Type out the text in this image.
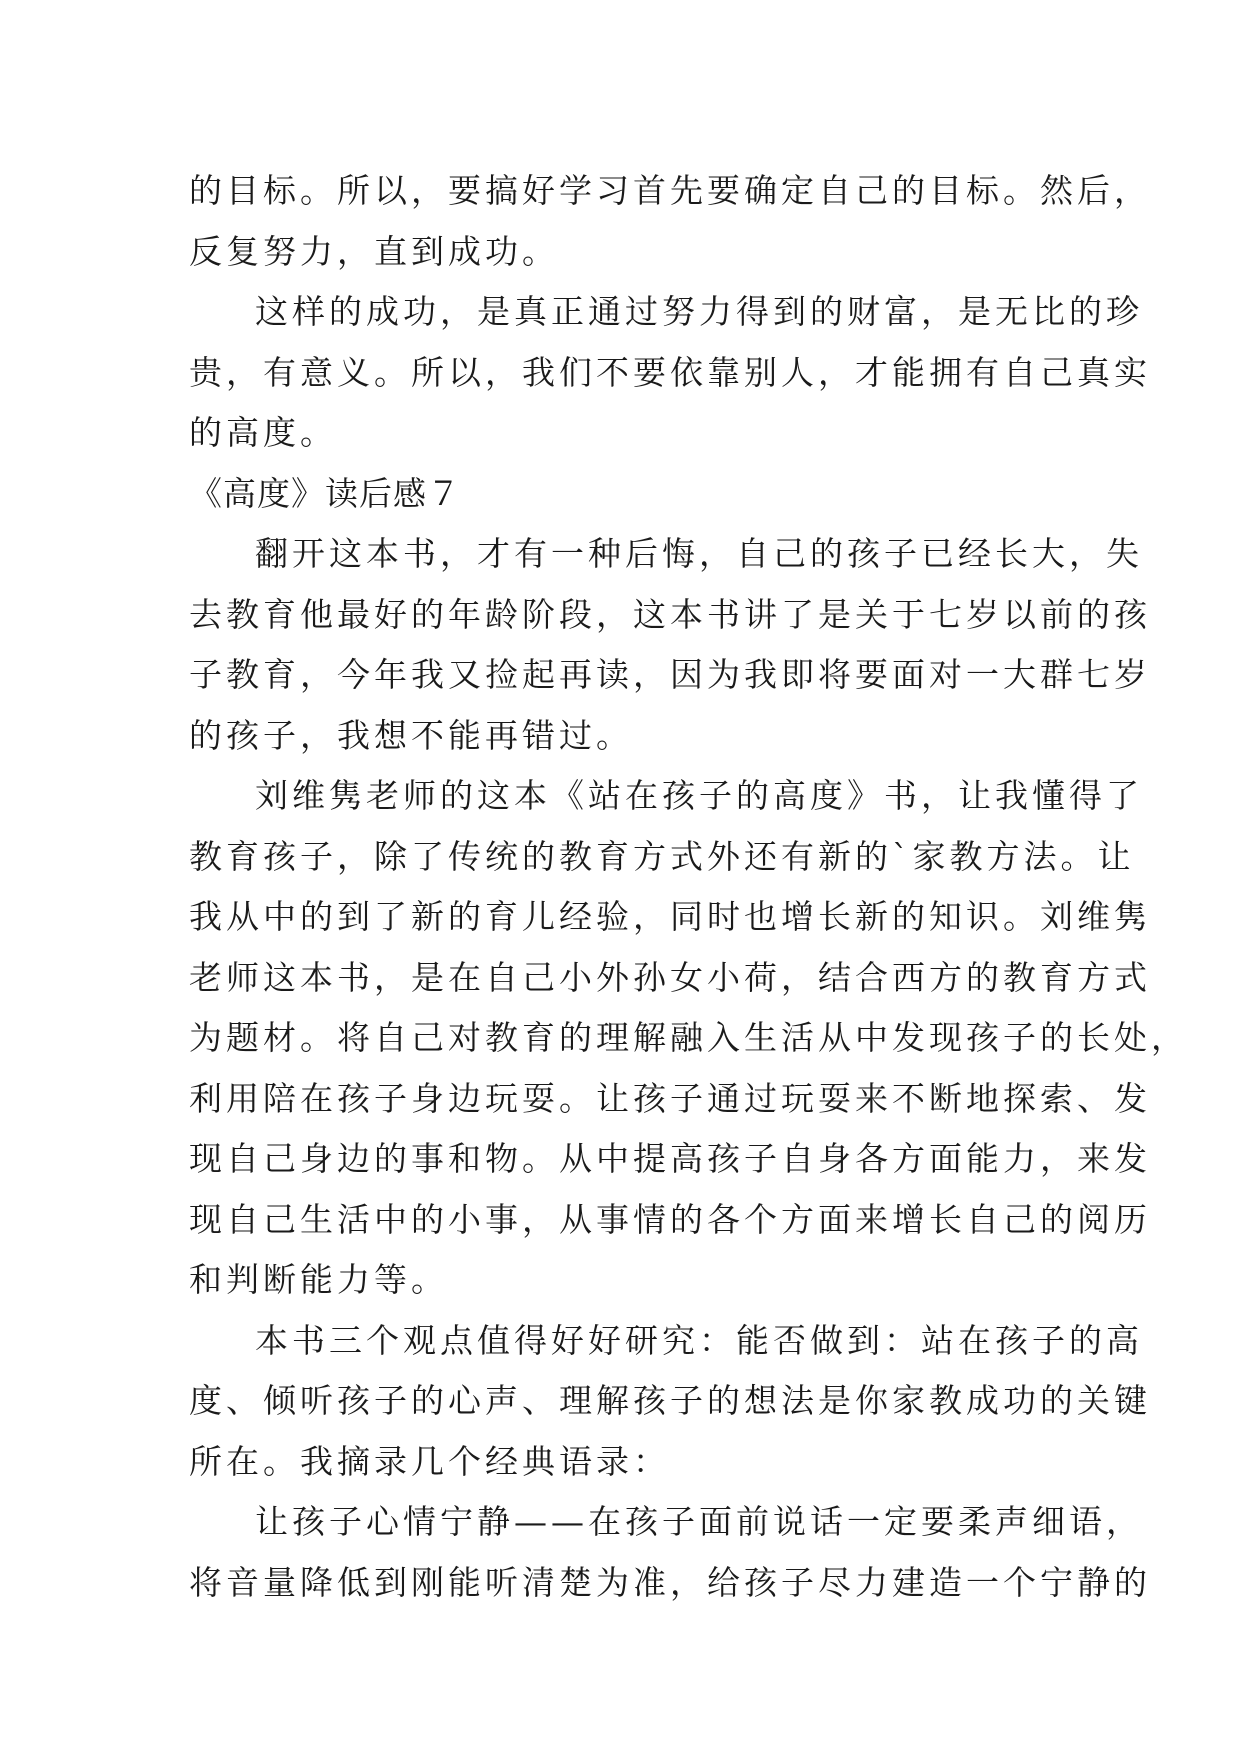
的目标。所以，要搞好学习首先要确定自己的目标。然后，
反复努力，直到成功。
这样的成功，是真正通过努力得到的财富，是无比的珍
贵，有意义。所以，我们不要依靠别人，才能拥有自己真实
的高度。
《高度》读后感７
翻开这本书，才有一种后悔，自己的孩子已经长大，失
去教育他最好的年龄阶段，这本书讲了是关于七岁以前的孩
子教育，今年我又捡起再读，因为我即将要面对一大群七岁
的孩子，我想不能再错过。
刘维隽老师的这本《站在孩子的高度》书，让我懂得了
教育孩子，除了传统的教育方式外还有新的`家教方法。让
我从中的到了新的育儿经验，同时也增长新的知识。刘维隽
老师这本书，是在自己小外孙女小荷，结合西方的教育方式
为题材。将自己对教育的理解融入生活从中发现孩子的长处，
利用陪在孩子身边玩耍。让孩子通过玩耍来不断地探索、发
现自己身边的事和物。从中提高孩子自身各方面能力，来发
现自己生活中的小事，从事情的各个方面来增长自己的阅历
和判断能力等。
本书三个观点值得好好研究：能否做到：站在孩子的高
度、倾听孩子的心声、理解孩子的想法是你家教成功的关键
所在。我摘录几个经典语录：
让孩子心情宁静——在孩子面前说话一定要柔声细语，
将音量降低到刚能听清楚为准，给孩子尽力建造一个宁静的
